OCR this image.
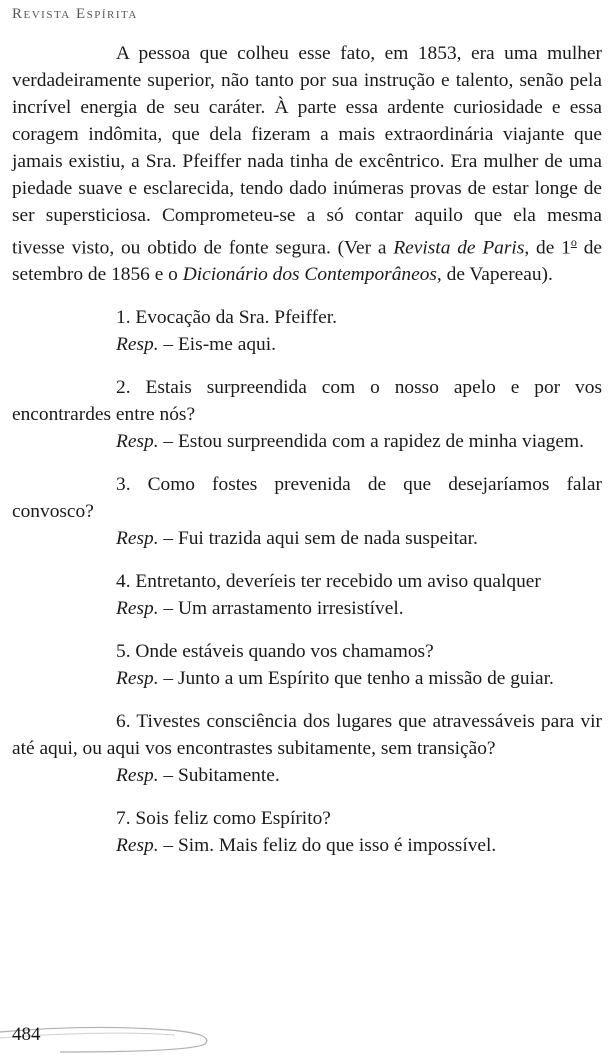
Revista Espírita

A pessoa que colheu esse fato, em 1853, era uma mulher verdadeiramente superior, não tanto por sua instrução e talento, senão pela incrível energia de seu caráter. À parte essa ardente curiosidade e essa coragem indômita, que dela fizeram a mais extraordinária viajante que jamais existiu, a Sra. Pfeiffer nada tinha de excêntrico. Era mulher de uma piedade suave e esclarecida, tendo dado inúmeras provas de estar longe de ser supersticiosa. Comprometeu-se a só contar aquilo que ela mesma tivesse visto, ou obtido de fonte segura. (Ver a Revista de Paris, de 1$^o$ de setembro de 1856 e o Dicionário dos Contemporâneos, de Vapereau).

1. Evocação da Sra. Pfeiffer.

Resp. – Eis-me aqui.

2. Estais surpreendida com o nosso apelo e por vos encontrardes entre nós?

Resp. – Estou surpreendida com a rapidez de minha viagem.

3. Como fostes prevenida de que desejaríamos falar convosco?

Resp. – Fui trazida aqui sem de nada suspeitar.

4. Entretanto, deveríeis ter recebido um aviso qualquer

Resp. – Um arrastamento irresistível.

5. Onde estáveis quando vos chamamos?

Resp. – Junto a um Espírito que tenho a missão de guiar.

6. Tivestes consciência dos lugares que atravessáveis para vir até aqui, ou aqui vos encontrastes subitamente, sem transição?

Resp. – Subitamente.

7. Sois feliz como Espírito?

Resp. – Sim. Mais feliz do que isso é impossível.

484
